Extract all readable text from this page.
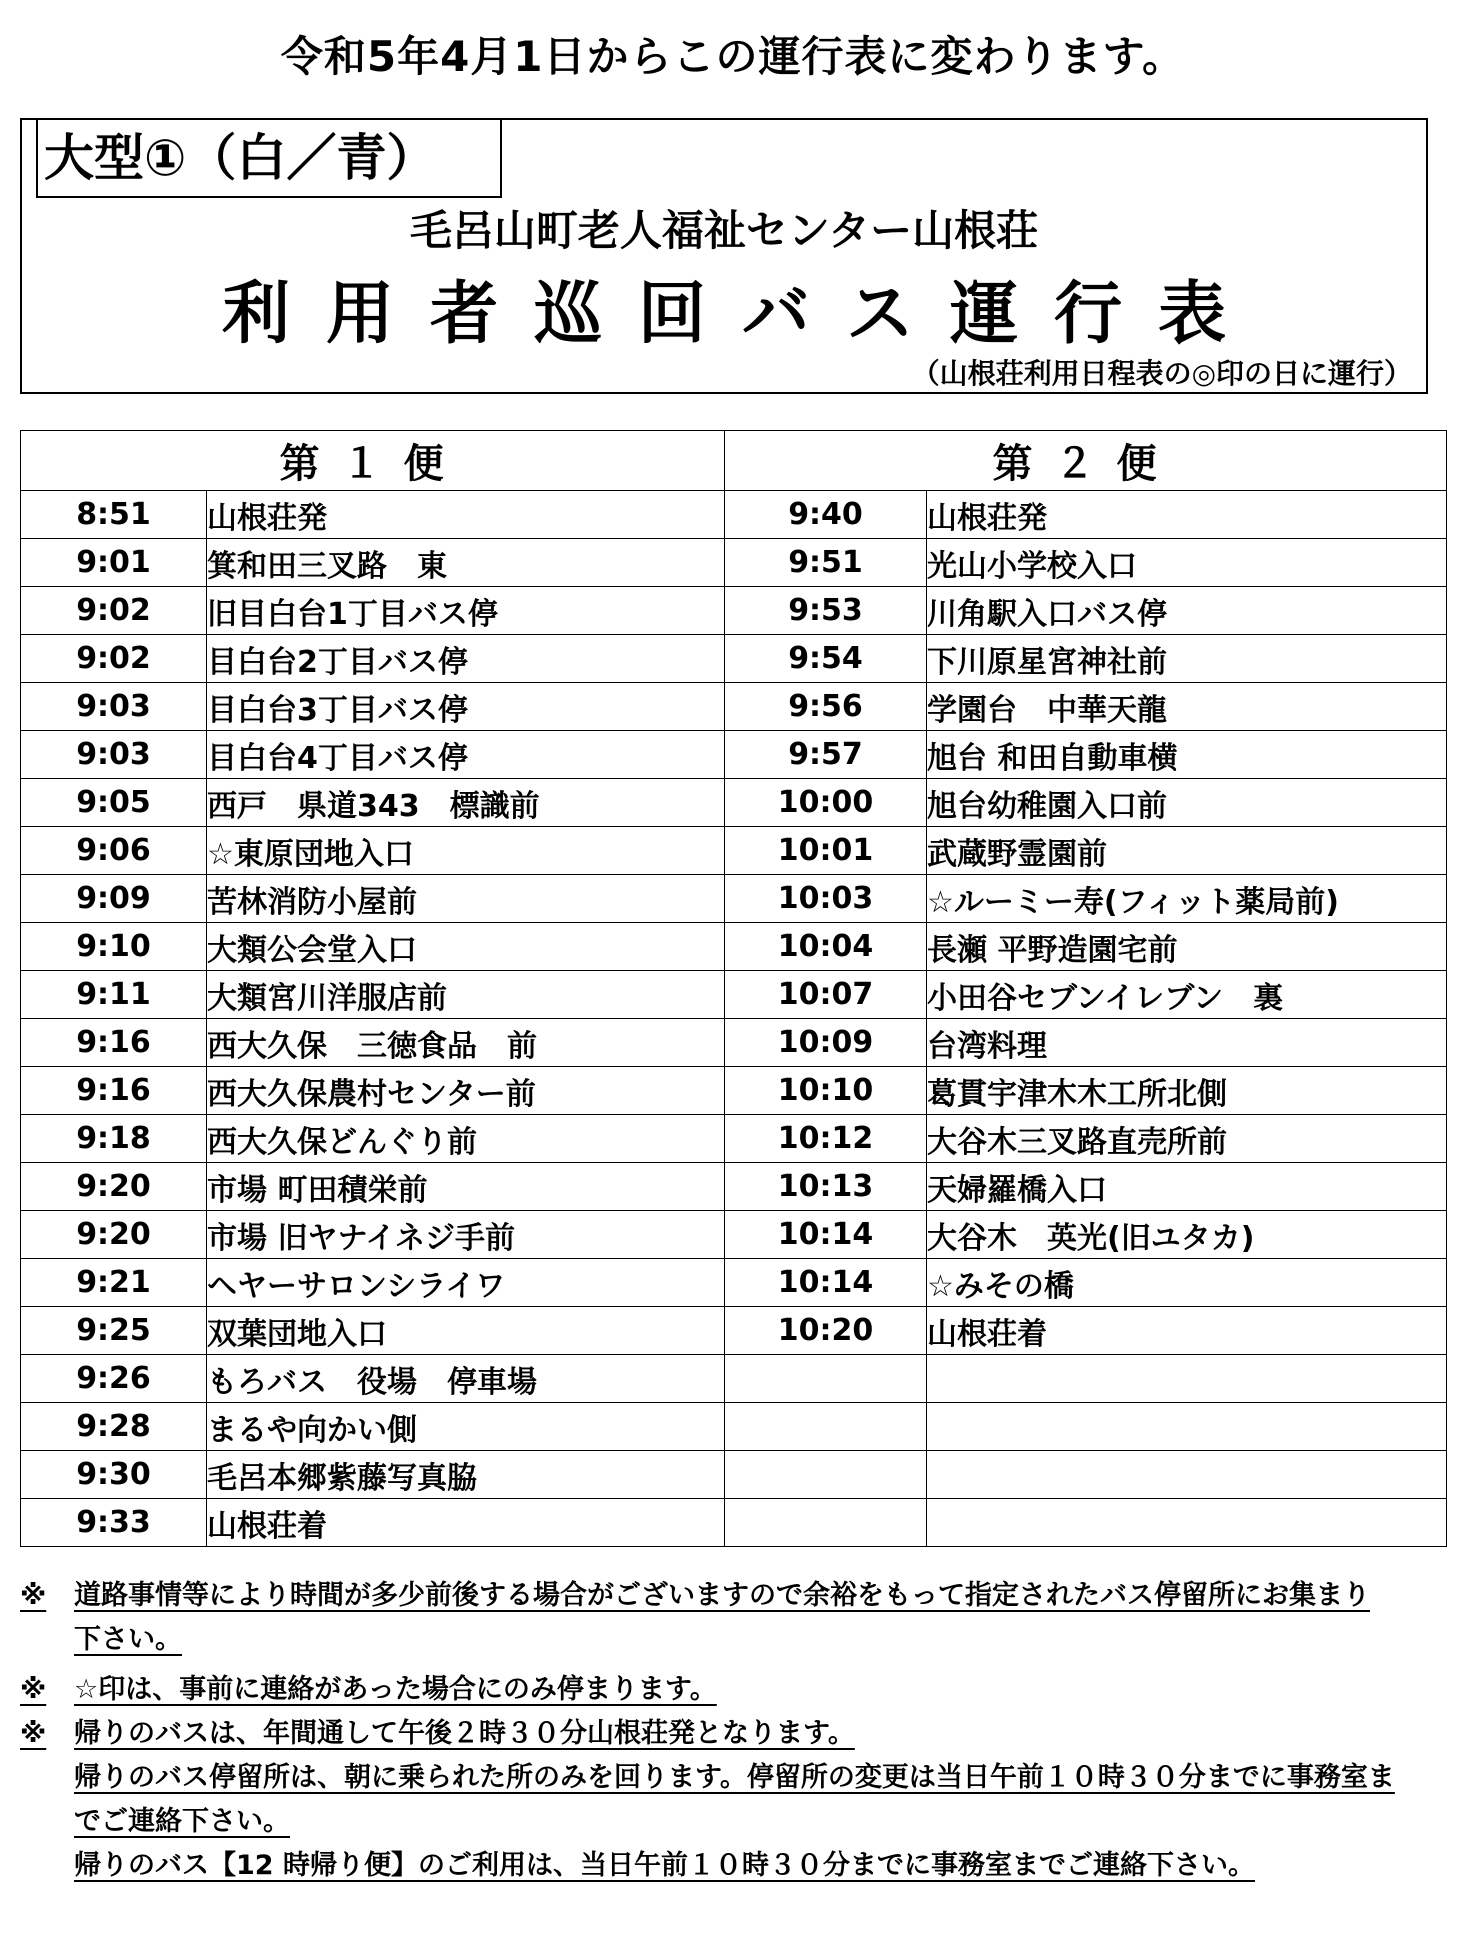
令和5年4月1日からこの運行表に変わります。
大型①（白／青）
毛呂山町老人福祉センター山根荘
利用者巡回バス運行表
（山根荘利用日程表の◎印の日に運行）
第１便		第２便	
8:51	山根荘発	9:40	山根荘発
9:01	箕和田三叉路　東	9:51	光山小学校入口
9:02	旧目白台1丁目バス停	9:53	川角駅入口バス停
9:02	目白台2丁目バス停	9:54	下川原星宮神社前
9:03	目白台3丁目バス停	9:56	学園台　中華天龍
9:03	目白台4丁目バス停	9:57	旭台 和田自動車横
9:05	西戸　県道343　標識前	10:00	旭台幼稚園入口前
9:06	☆東原団地入口	10:01	武蔵野霊園前
9:09	苦林消防小屋前	10:03	☆ルーミー寿(フィット薬局前)
9:10	大類公会堂入口	10:04	長瀬 平野造園宅前
9:11	大類宮川洋服店前	10:07	小田谷セブンイレブン　裏
9:16	西大久保　三徳食品　前	10:09	台湾料理
9:16	西大久保農村センター前	10:10	葛貫宇津木木工所北側
9:18	西大久保どんぐり前	10:12	大谷木三叉路直売所前
9:20	市場 町田積栄前	10:13	天婦羅橋入口
9:20	市場 旧ヤナイネジ手前	10:14	大谷木　英光(旧ユタカ)
9:21	ヘヤーサロンシライワ	10:14	☆みその橋
9:25	双葉団地入口	10:20	山根荘着
9:26	もろバス　役場　停車場		
9:28	まるや向かい側		
9:30	毛呂本郷紫藤写真脇		
9:33	山根荘着		
※	道路事情等により時間が多少前後する場合がございますので余裕をもって指定されたバス停留所にお集まり
下さい。
※	☆印は、事前に連絡があった場合にのみ停まります。
※	帰りのバスは、年間通して午後２時３０分山根荘発となります。
帰りのバス停留所は、朝に乗られた所のみを回ります。停留所の変更は当日午前１０時３０分までに事務室ま
でご連絡下さい。
帰りのバス【12 時帰り便】のご利用は、当日午前１０時３０分までに事務室までご連絡下さい。
